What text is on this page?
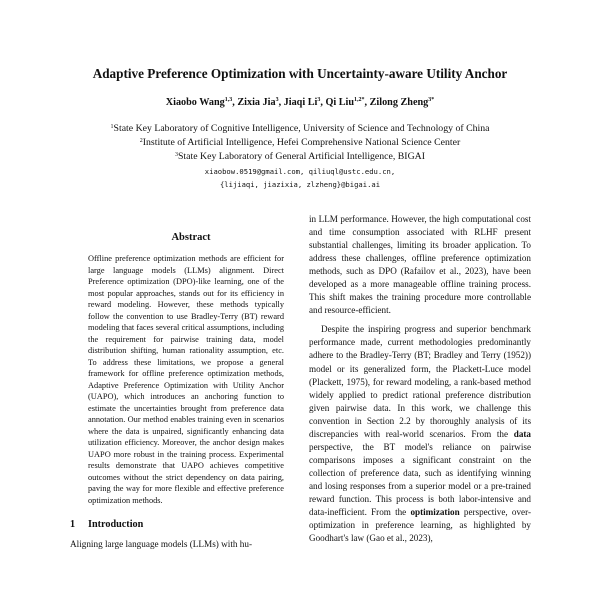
Adaptive Preference Optimization with Uncertainty-aware Utility Anchor
Xiaobo Wang$^{1,3}$, Zixia Jia$^3$, Jiaqi Li$^3$, Qi Liu$^{1,2*}$, Zilong Zheng$^{3*}$
$^1$State Key Laboratory of Cognitive Intelligence, University of Science and Technology of China
$^2$Institute of Artificial Intelligence, Hefei Comprehensive National Science Center
$^3$State Key Laboratory of General Artificial Intelligence, BIGAI
xiaobow.0519@gmail.com, qiliuql@ustc.edu.cn,
{lijiaqi, jiazixia, zlzheng}@bigai.ai
Abstract
Offline preference optimization methods are efficient for large language models (LLMs) alignment. Direct Preference optimization (DPO)-like learning, one of the most popular approaches, stands out for its efficiency in reward modeling. However, these methods typically follow the convention to use Bradley-Terry (BT) reward modeling that faces several critical assumptions, including the requirement for pairwise training data, model distribution shifting, human rationality assumption, etc. To address these limitations, we propose a general framework for offline preference optimization methods, Adaptive Preference Optimization with Utility Anchor (UAPO), which introduces an anchoring function to estimate the uncertainties brought from preference data annotation. Our method enables training even in scenarios where the data is unpaired, significantly enhancing data utilization efficiency. Moreover, the anchor design makes UAPO more robust in the training process. Experimental results demonstrate that UAPO achieves competitive outcomes without the strict dependency on data pairing, paving the way for more flexible and effective preference optimization methods.
1 Introduction
Aligning large language models (LLMs) with hu-

in LLM performance. However, the high computational cost and time consumption associated with RLHF present substantial challenges, limiting its broader application. To address these challenges, offline preference optimization methods, such as DPO (Rafailov et al., 2023), have been developed as a more manageable offline training process. This shift makes the training procedure more controllable and resource-efficient.

Despite the inspiring progress and superior benchmark performance made, current methodologies predominantly adhere to the Bradley-Terry (BT; Bradley and Terry (1952)) model or its generalized form, the Plackett-Luce model (Plackett, 1975), for reward modeling, a rank-based method widely applied to predict rational preference distribution given pairwise data. In this work, we challenge this convention in Section 2.2 by thoroughly analysis of its discrepancies with real-world scenarios. From the data perspective, the BT model's reliance on pairwise comparisons imposes a significant constraint on the collection of preference data, such as identifying winning and losing responses from a superior model or a pre-trained reward function. This process is both labor-intensive and data-inefficient. From the optimization perspective, over-optimization in preference learning, as highlighted by Goodhart's law (Gao et al., 2023),
